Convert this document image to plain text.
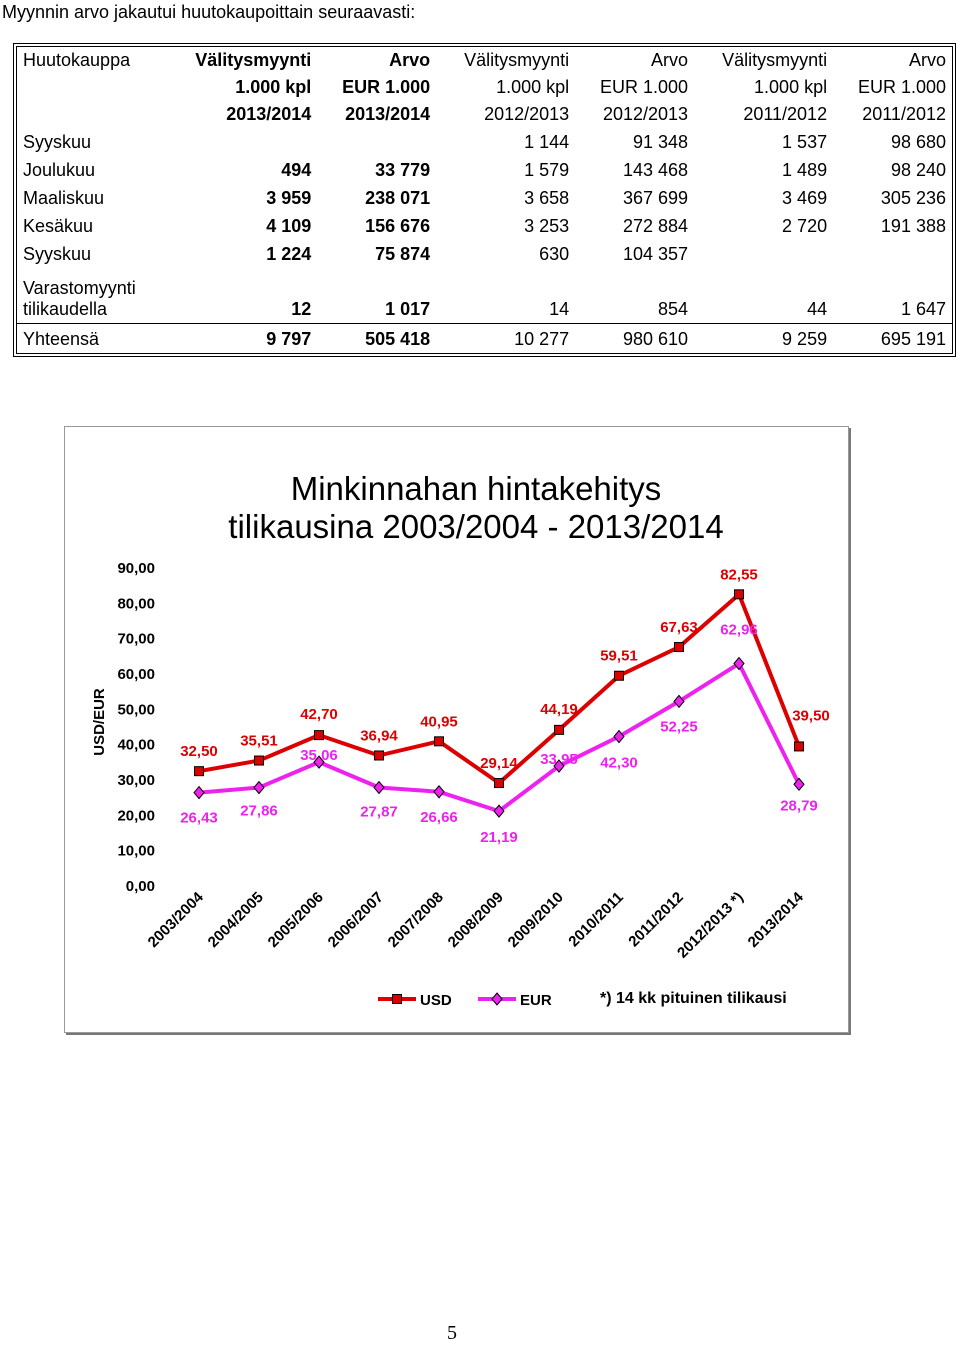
Myynnin arvo jakautui huutokaupoittain seuraavasti:
Huutokauppa	Välitysmyynti	Arvo	Välitysmyynti	Arvo	Välitysmyynti	Arvo
	1.000 kpl	EUR 1.000	1.000 kpl	EUR 1.000	1.000 kpl	EUR 1.000
	2013/2014	2013/2014	2012/2013	2012/2013	2011/2012	2011/2012
Syyskuu			1 144	91 348	1 537	98 680
Joulukuu	494	33 779	1 579	143 468	1 489	98 240
Maaliskuu	3 959	238 071	3 658	367 699	3 469	305 236
Kesäkuu	4 109	156 676	3 253	272 884	2 720	191 388
Syyskuu	1 224	75 874	630	104 357		
Varastomyynti
tilikaudella	12	1 017	14	854	44	1 647
Yhteensä	9 797	505 418	10 277	980 610	9 259	695 191
Minkinnahan hintakehitys
tilikausina 2003/2004 - 2013/2014
USD/EUR
0,00
10,00
20,00
30,00
40,00
50,00
60,00
70,00
80,00
90,00
2003/2004
2004/2005
2005/2006
2006/2007
2007/2008
2008/2009
2009/2010
2010/2011
2011/2012
2012/2013 *)
2013/2014
32,50
35,51
42,70
36,94
40,95
29,14
44,19
59,51
67,63
82,55
39,50
26,43 27,86
35,06
27,87 26,66
21,19
33,95 42,30
52,25
62,96
28,79
USD	EUR	*) 14 kk pituinen tilikausi
5
